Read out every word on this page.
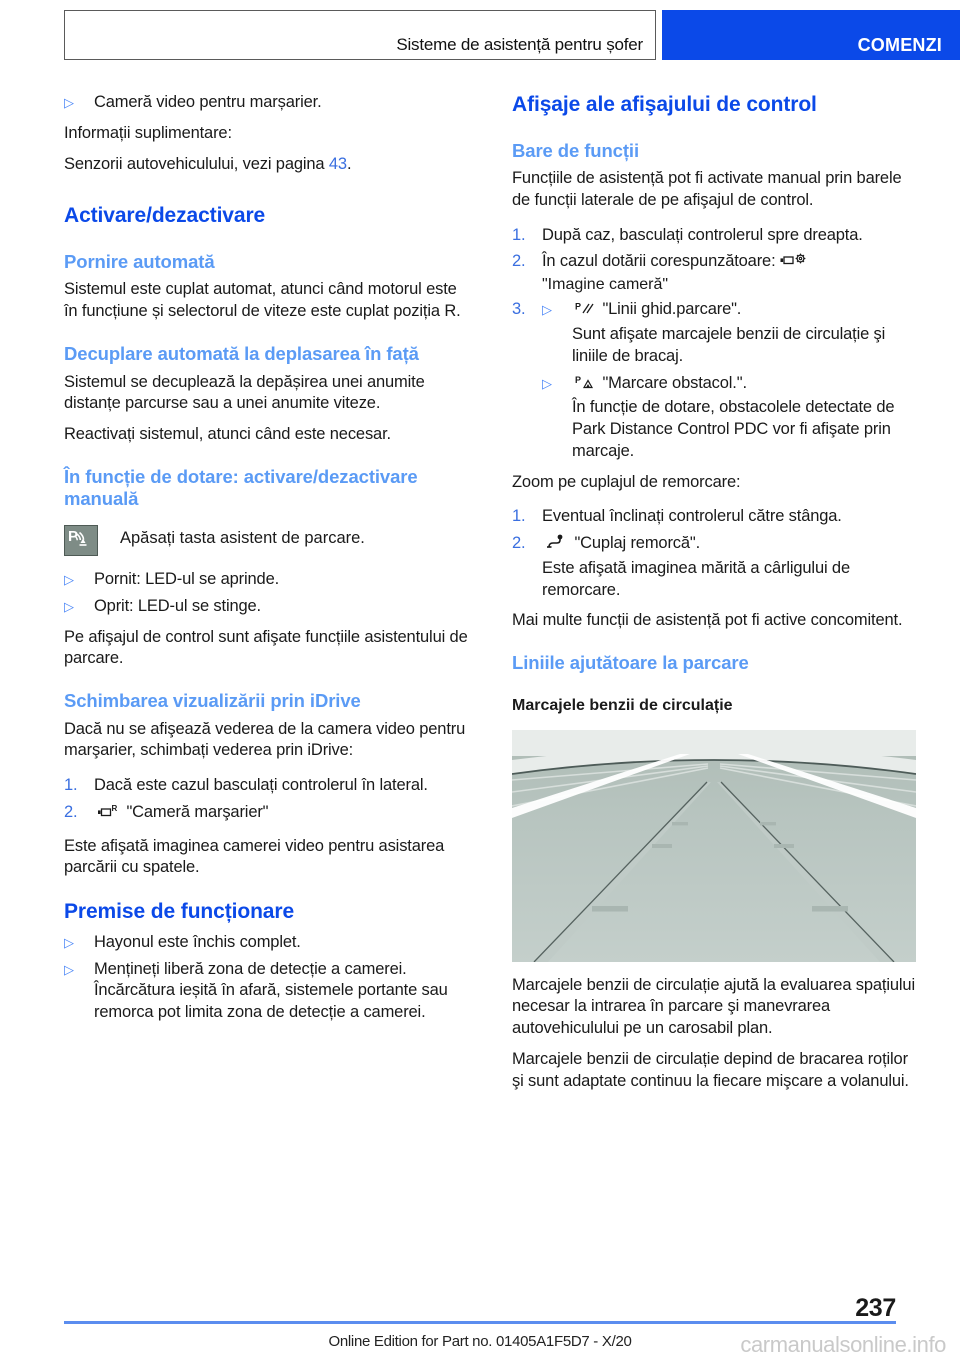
Sisteme de asistență pentru șofer	COMENZI
▷	Cameră video pentru marșarier.

Informații suplimentare:

Senzorii autovehiculului, vezi pagina 43.

Activare/dezactivare
Pornire automată

Sistemul este cuplat automat, atunci când motorul este în funcțiune și selectorul de viteze este cuplat poziția R.

Decuplare automată la deplasarea în față

Sistemul se decuplează la depășirea unei anumite distanțe parcurse sau a unei anumite viteze.

Reactivați sistemul, atunci când este necesar.

În funcție de dotare: activare/dezactivare manuală
P	Apăsați tasta asistent de parcare.
▷	Pornit: LED-ul se aprinde.
▷	Oprit: LED-ul se stinge.

Pe afişajul de control sunt afişate funcțiile asistentului de parcare.

Schimbarea vizualizării prin iDrive

Dacă nu se afişează vederea de la camera video pentru marşarier, schimbați vederea prin iDrive:

1.	Dacă este cazul basculați controlerul în lateral.
2.	R "Cameră marşarier"

Este afişată imaginea camerei video pentru asistarea parcării cu spatele.

Premise de funcționare
▷	Hayonul este închis complet.
▷	Mențineți liberă zona de detecție a camerei. Încărcătura ieșită în afară, sistemele portante sau remorca pot limita zona de detecție a camerei.
Afişaje ale afişajului de control
Bare de funcții

Funcțiile de asistență pot fi activate manual prin barele de funcții laterale de pe afişajul de control.

1.	După caz, basculați controlerul spre dreapta.
2.	În cazul dotării corespunzătoare:
"Imagine cameră"
3.	▷	P "Linii ghid.parcare".

Sunt afişate marcajele benzii de circulație şi liniile de bracaj.

▷	P "Marcare obstacol.".

În funcție de dotare, obstacolele detectate de Park Distance Control PDC vor fi afişate prin marcaje.

Zoom pe cuplajul de remorcare:

1.	Eventual înclinați controlerul către stânga.
2.	"Cuplaj remorcă".

Este afişată imaginea mărită a cârligului de remorcare.

Mai multe funcții de asistență pot fi active concomitent.

Liniile ajutătoare la parcare
Marcajele benzii de circulație

Marcajele benzii de circulație ajută la evaluarea spațiului necesar la intrarea în parcare şi manevrarea autovehiculului pe un carosabil plan.

Marcajele benzii de circulație depind de bracarea roților şi sunt adaptate continuu la fiecare mişcare a volanului.

237
Online Edition for Part no. 01405A1F5D7 - X/20	carmanualsonline.info
